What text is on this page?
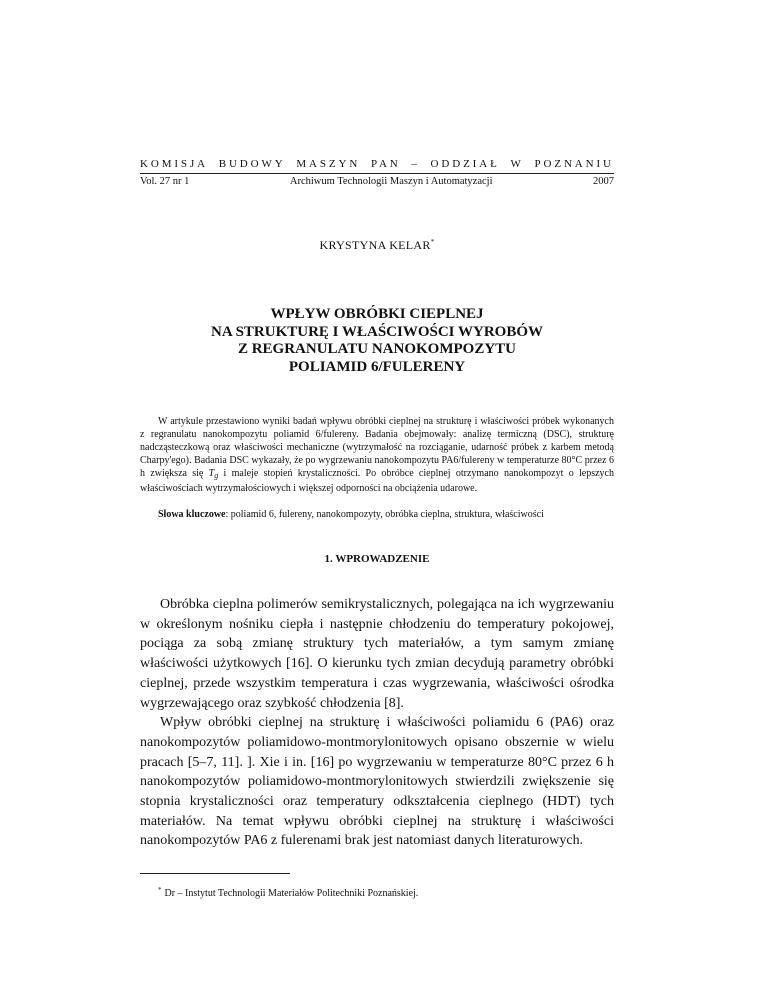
KOMISJA BUDOWY MASZYN PAN – ODDZIAŁ W POZNANIU
Vol. 27 nr 1	Archiwum Technologii Maszyn i Automatyzacji	2007
KRYSTYNA KELAR*
WPŁYW OBRÓBKI CIEPLNEJ
NA STRUKTURĘ I WŁAŚCIWOŚCI WYROBÓW
Z REGRANULATU NANOKOMPOZYTU
POLIAMID 6/FULERENY

W artykule przestawiono wyniki badań wpływu obróbki cieplnej na strukturę i właściwości próbek wykonanych z regranulatu nanokompozytu poliamid 6/fulereny. Badania obejmowały: analizę termiczną (DSC), strukturę nadcząsteczkową oraz właściwości mechaniczne (wytrzymałość na rozciąganie, udarność próbek z karbem metodą Charpy'ego). Badania DSC wykazały, że po wygrzewaniu nanokompozytu PA6/fulereny w temperaturze 80°C przez 6 h zwiększa się $T_g$ i maleje stopień krystaliczności. Po obróbce cieplnej otrzymano nanokompozyt o lepszych właściwościach wytrzymałościowych i większej odporności na obciążenia udarowe.

Słowa kluczowe: poliamid 6, fulereny, nanokompozyty, obróbka cieplna, struktura, właściwości
1. WPROWADZENIE

Obróbka cieplna polimerów semikrystalicznych, polegająca na ich wygrzewaniu w określonym nośniku ciepła i następnie chłodzeniu do temperatury pokojowej, pociąga za sobą zmianę struktury tych materiałów, a tym samym zmianę właściwości użytkowych [16]. O kierunku tych zmian decydują parametry obróbki cieplnej, przede wszystkim temperatura i czas wygrzewania, właściwości ośrodka wygrzewającego oraz szybkość chłodzenia [8].

Wpływ obróbki cieplnej na strukturę i właściwości poliamidu 6 (PA6) oraz nanokompozytów poliamidowo-montmorylonitowych opisano obszernie w wielu pracach [5–7, 11]. ]. Xie i in. [16] po wygrzewaniu w temperaturze 80°C przez 6 h nanokompozytów poliamidowo-montmorylonitowych stwierdzili zwiększenie się stopnia krystaliczności oraz temperatury odkształcenia cieplnego (HDT) tych materiałów. Na temat wpływu obróbki cieplnej na strukturę i właściwości nanokompozytów PA6 z fulerenami brak jest natomiast danych literaturowych.

* Dr – Instytut Technologii Materiałów Politechniki Poznańskiej.
